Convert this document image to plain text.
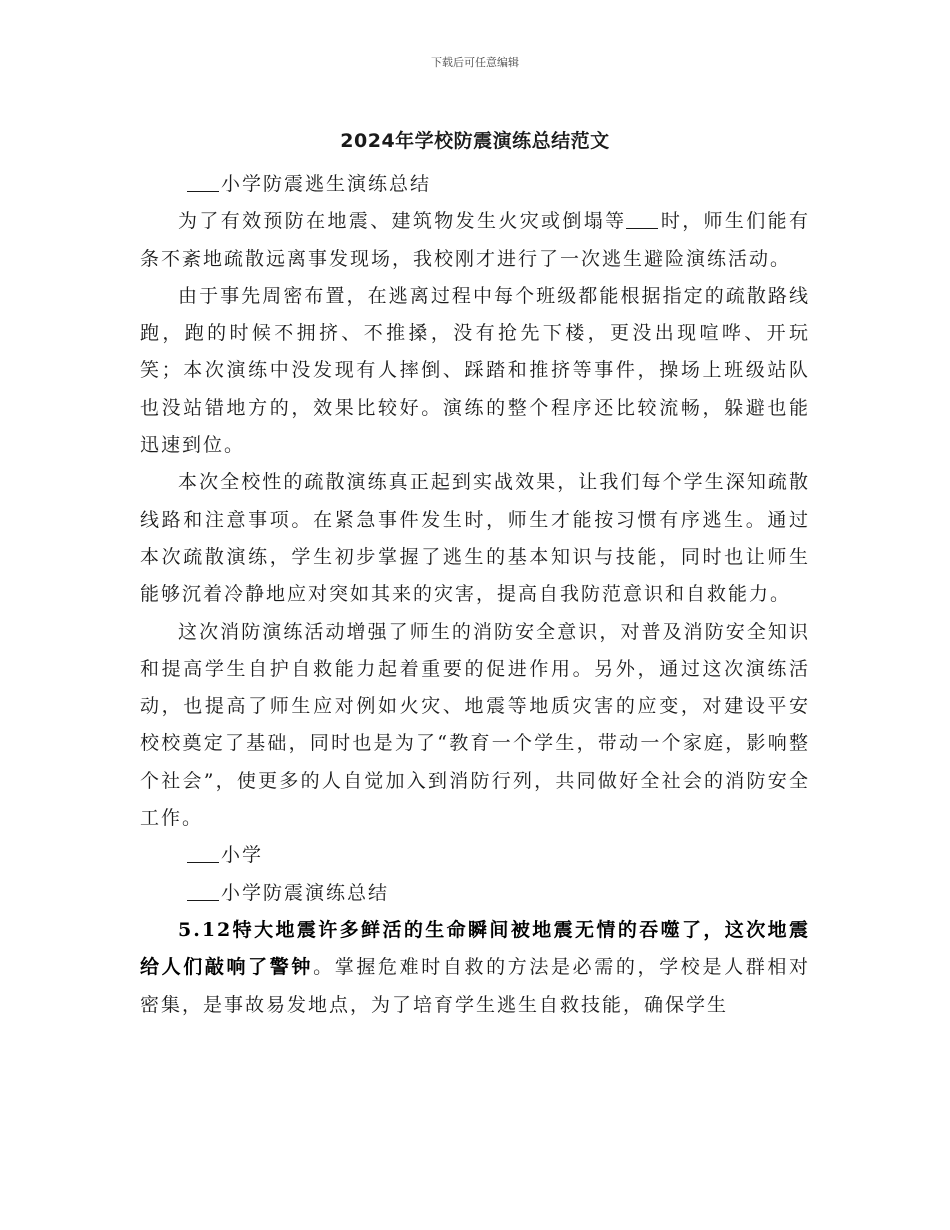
下载后可任意编辑
2024年学校防震演练总结范文

小学防震逃生演练总结

为了有效预防在地震、建筑物发生火灾或倒塌等 时，师生们能有条不紊地疏散远离事发现场，我校刚才进行了一次逃生避险演练活动。

由于事先周密布置，在逃离过程中每个班级都能根据指定的疏散路线跑，跑的时候不拥挤、不推搡，没有抢先下楼，更没出现喧哗、开玩笑；本次演练中没发现有人摔倒、踩踏和推挤等事件，操场上班级站队也没站错地方的，效果比较好。演练的整个程序还比较流畅，躲避也能迅速到位。

本次全校性的疏散演练真正起到实战效果，让我们每个学生深知疏散线路和注意事项。在紧急事件发生时，师生才能按习惯有序逃生。通过本次疏散演练，学生初步掌握了逃生的基本知识与技能，同时也让师生能够沉着冷静地应对突如其来的灾害，提高自我防范意识和自救能力。

这次消防演练活动增强了师生的消防安全意识，对普及消防安全知识和提高学生自护自救能力起着重要的促进作用。另外，通过这次演练活动，也提高了师生应对例如火灾、地震等地质灾害的应变，对建设平安校校奠定了基础，同时也是为了“教育一个学生，带动一个家庭，影响整个社会”，使更多的人自觉加入到消防行列，共同做好全社会的消防安全工作。

小学

小学防震演练总结

5.12特大地震许多鲜活的生命瞬间被地震无情的吞噬了，这次地震给人们敲响了警钟。掌握危难时自救的方法是必需的，学校是人群相对密集，是事故易发地点，为了培育学生逃生自救技能，确保学生
